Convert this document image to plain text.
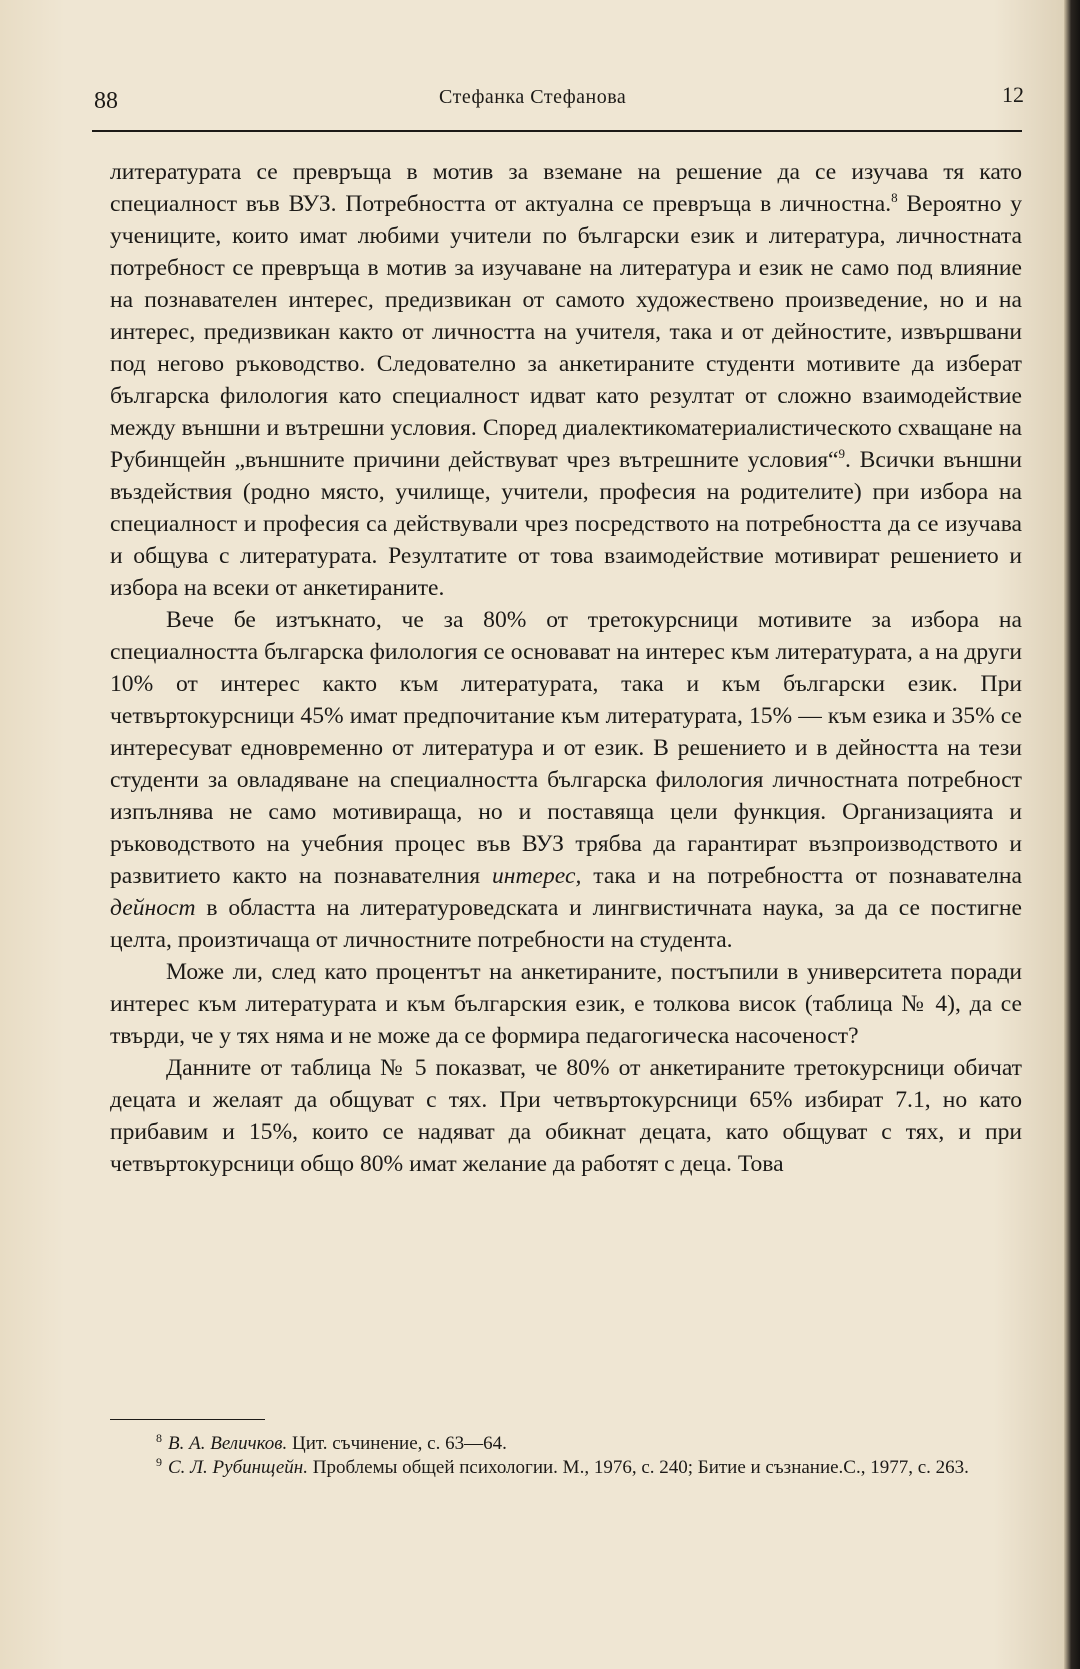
88	Стефанка Стефанова	12

литературата се превръща в мотив за вземане на решение да се изучава тя като специалност във ВУЗ. Потребността от актуална се превръща в личностна.$^8$ Вероятно у учениците, които имат любими учители по български език и литература, личностната потребност се превръща в мотив за изучаване на литература и език не само под влияние на познавателен интерес, предизвикан от самото художествено произведение, но и на интерес, предизвикан както от личността на учителя, така и от дейностите, извършвани под негово ръководство. Следователно за анкетираните студенти мотивите да изберат българска филология като специалност идват като резултат от сложно взаимодействие между външни и вътрешни условия. Според диалектикоматериалистическото схващане на Рубинщейн „външните причини действуват чрез вътрешните условия“$^9$. Всички външни въздействия (родно място, училище, учители, професия на родителите) при избора на специалност и професия са действували чрез посредството на потребността да се изучава и общува с литературата. Резултатите от това взаимодействие мотивират решението и избора на всеки от анкетираните.

Вече бе изтъкнато, че за 80% от третокурсници мотивите за избора на специалността българска филология се основават на интерес към литературата, а на други 10% от интерес както към литературата, така и към български език. При четвъртокурсници 45% имат предпочитание към литературата, 15% — към езика и 35% се интересуват едновременно от литература и от език. В решението и в дейността на тези студенти за овладяване на специалността българска филология личностната потребност изпълнява не само мотивираща, но и поставяща цели функция. Организацията и ръководството на учебния процес във ВУЗ трябва да гарантират възпроизводството и развитието както на познавателния интерес, така и на потребността от познавателна дейност в областта на литературоведската и лингвистичната наука, за да се постигне целта, произтичаща от личностните потребности на студента.

Може ли, след като процентът на анкетираните, постъпили в университета поради интерес към литературата и към българския език, е толкова висок (таблица № 4), да се твърди, че у тях няма и не може да се формира педагогическа насоченост?

Данните от таблица № 5 показват, че 80% от анкетираните третокурсници обичат децата и желаят да общуват с тях. При четвъртокурсници 65% избират 7.1, но като прибавим и 15%, които се надяват да обикнат децата, като общуват с тях, и при четвъртокурсници общо 80% имат желание да работят с деца. Това

$^8$ В. А. Величков. Цит. съчинение, с. 63—64.

$^9$ С. Л. Рубинщейн. Проблемы общей психологии. М., 1976, с. 240; Битие и съзнание.С., 1977, с. 263.
